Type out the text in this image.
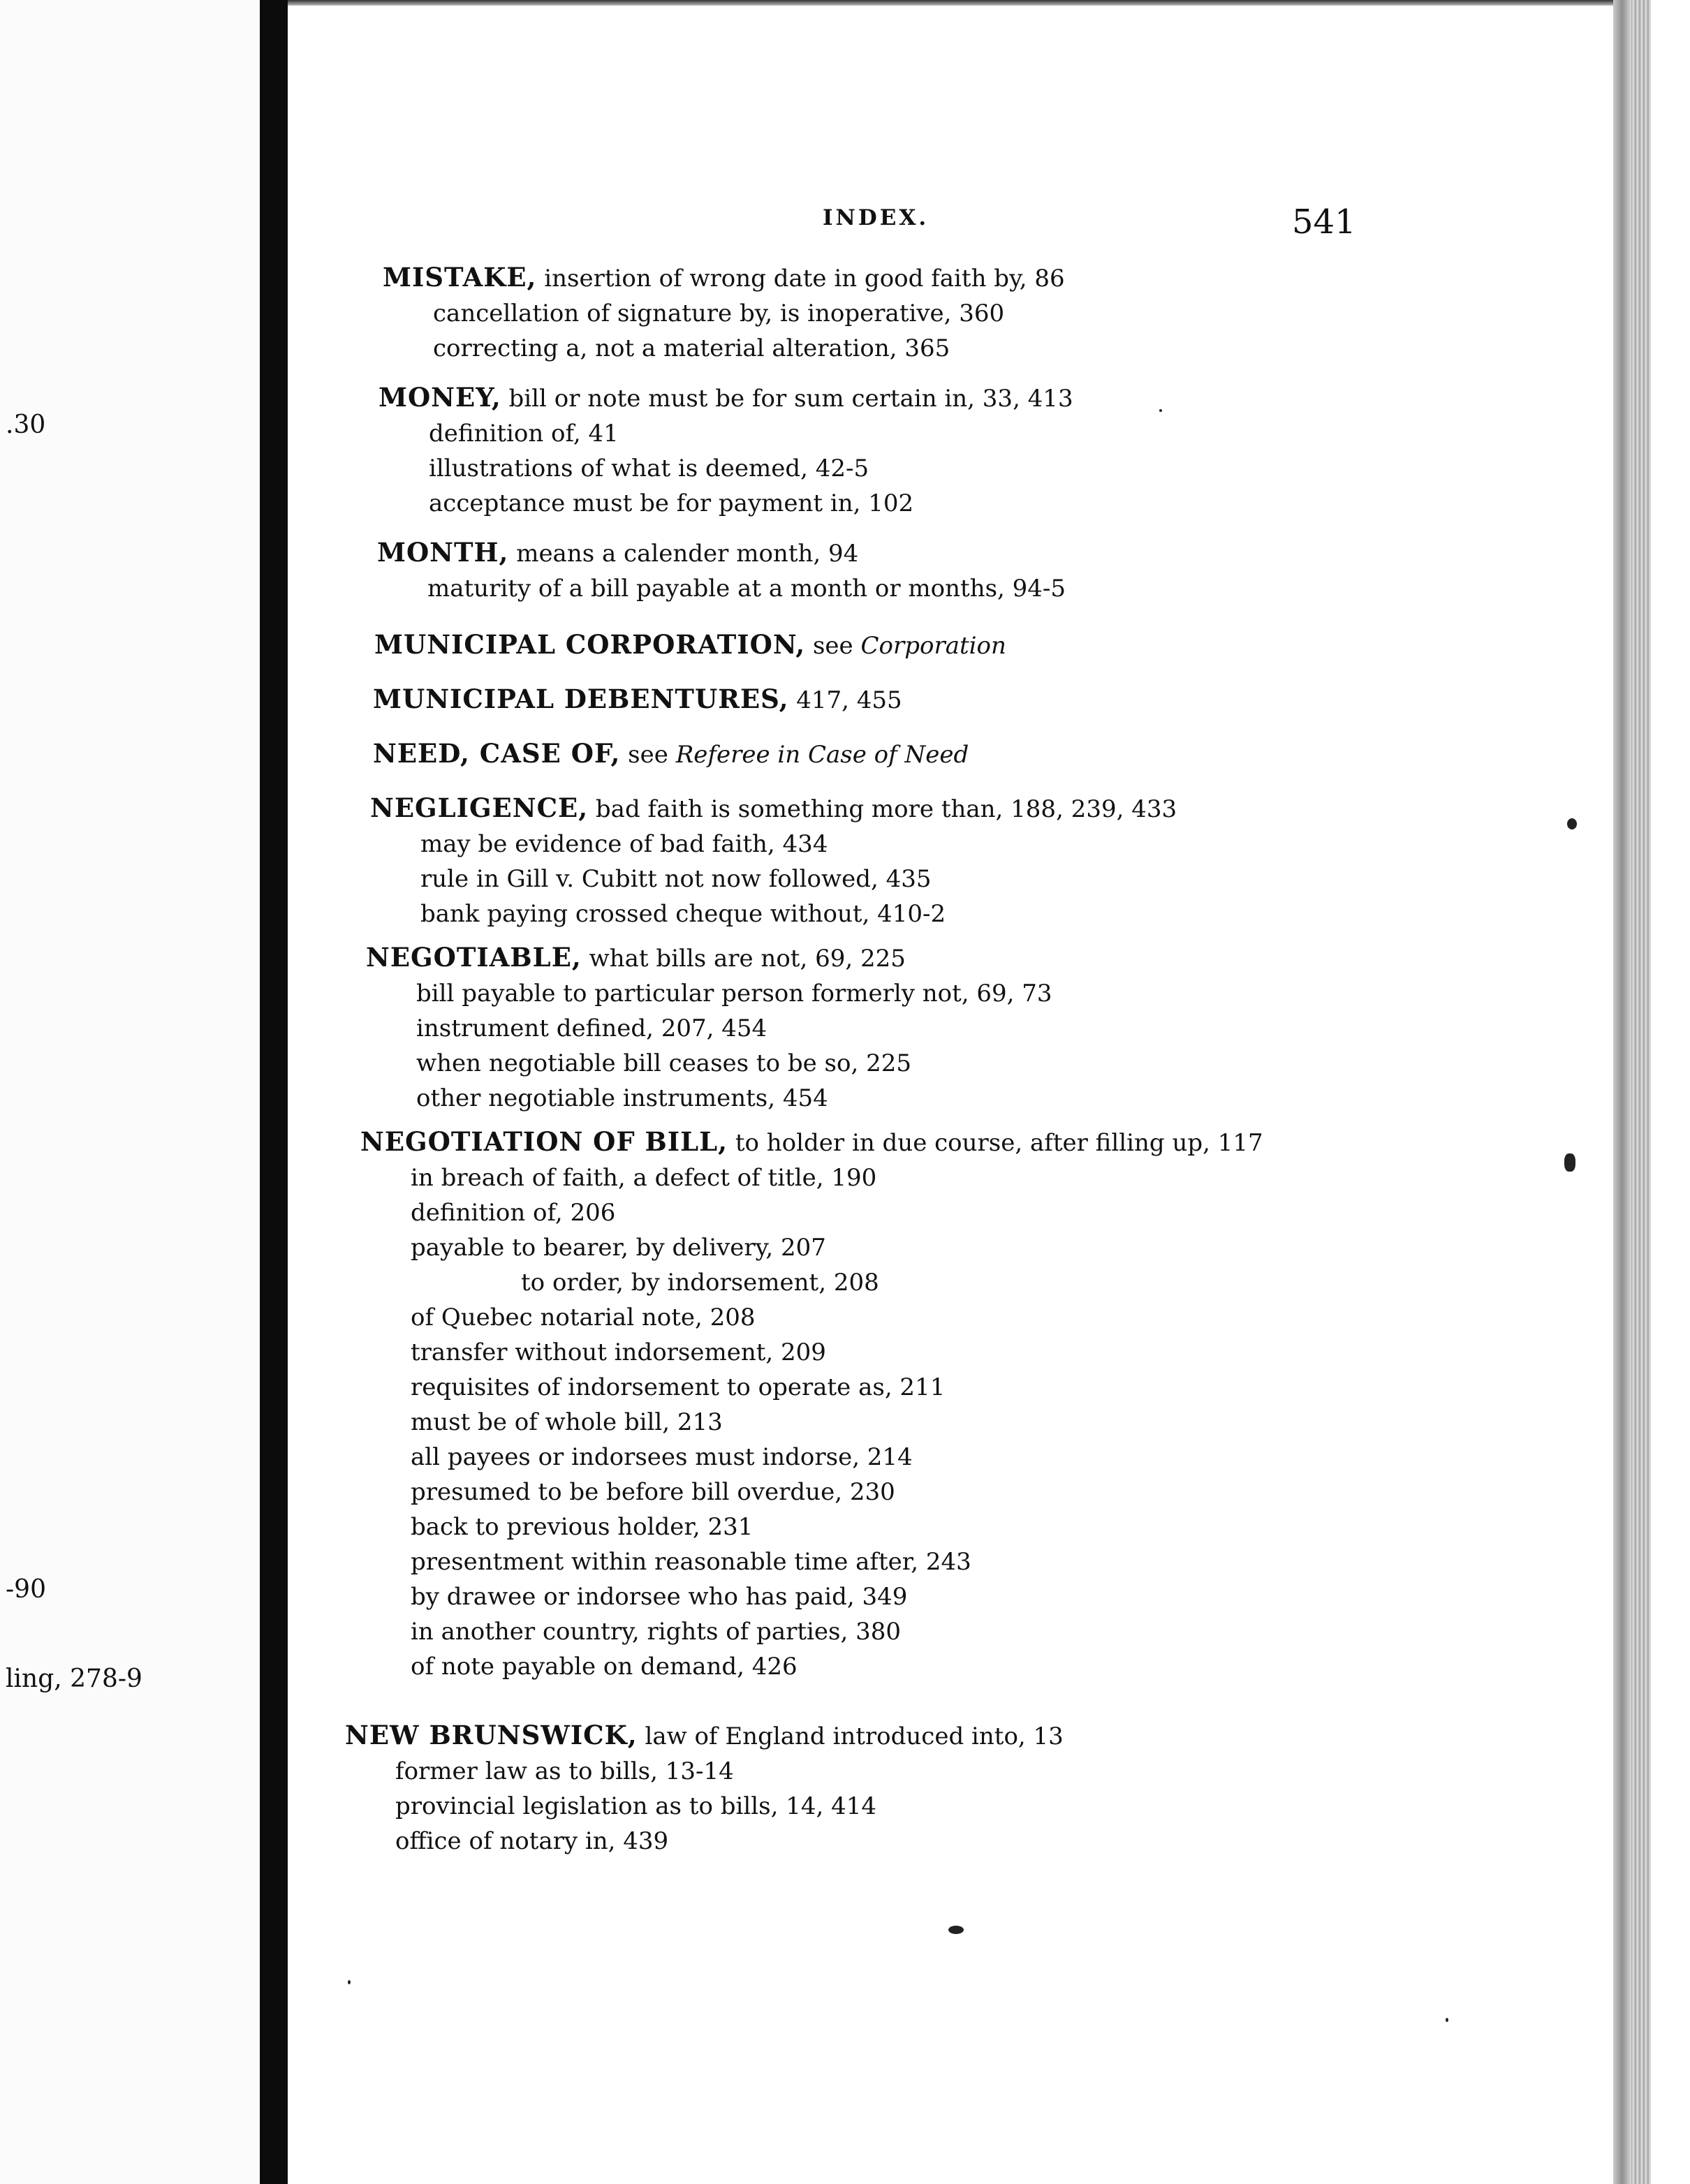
.30
-90
ling, 278-9
INDEX.	541
MISTAKE, insertion of wrong date in good faith by, 86
cancellation of signature by, is inoperative, 360
correcting a, not a material alteration, 365
MONEY, bill or note must be for sum certain in, 33, 413
definition of, 41
illustrations of what is deemed, 42-5
acceptance must be for payment in, 102
MONTH, means a calender month, 94
maturity of a bill payable at a month or months, 94-5
MUNICIPAL CORPORATION, see Corporation
MUNICIPAL DEBENTURES, 417, 455
NEED, CASE OF, see Referee in Case of Need
NEGLIGENCE, bad faith is something more than, 188, 239, 433
may be evidence of bad faith, 434
rule in Gill v. Cubitt not now followed, 435
bank paying crossed cheque without, 410-2
NEGOTIABLE, what bills are not, 69, 225
bill payable to particular person formerly not, 69, 73
instrument defined, 207, 454
when negotiable bill ceases to be so, 225
other negotiable instruments, 454
NEGOTIATION OF BILL, to holder in due course, after filling up, 117
in breach of faith, a defect of title, 190
definition of, 206
payable to bearer, by delivery, 207
to order, by indorsement, 208
of Quebec notarial note, 208
transfer without indorsement, 209
requisites of indorsement to operate as, 211
must be of whole bill, 213
all payees or indorsees must indorse, 214
presumed to be before bill overdue, 230
back to previous holder, 231
presentment within reasonable time after, 243
by drawee or indorsee who has paid, 349
in another country, rights of parties, 380
of note payable on demand, 426
NEW BRUNSWICK, law of England introduced into, 13
former law as to bills, 13-14
provincial legislation as to bills, 14, 414
office of notary in, 439
